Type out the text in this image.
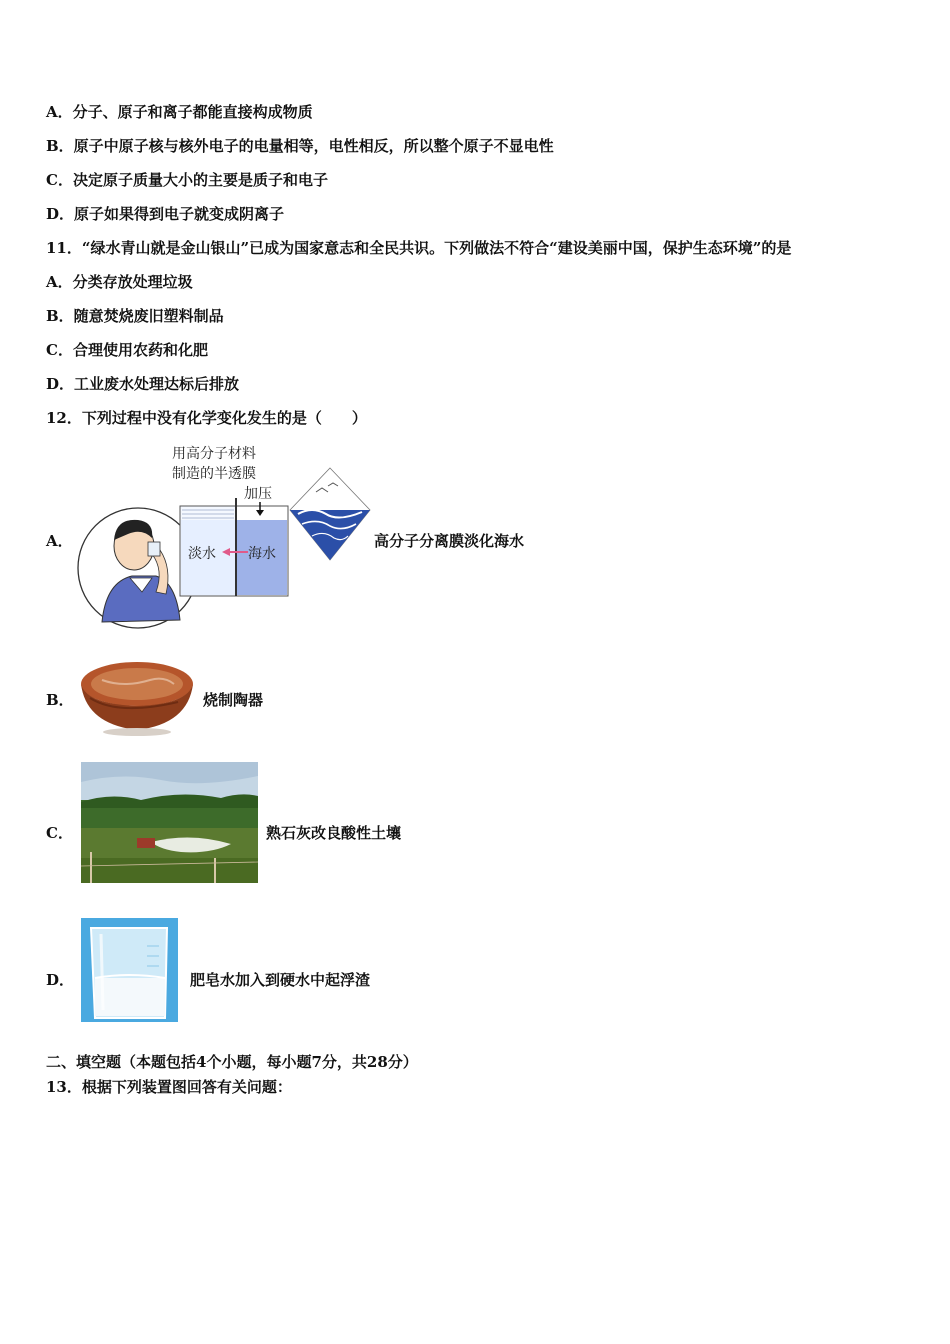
A．分子、原子和离子都能直接构成物质
B．原子中原子核与核外电子的电量相等，电性相反，所以整个原子不显电性
C．决定原子质量大小的主要是质子和电子
D．原子如果得到电子就变成阴离子
11．“绿水青山就是金山银山”已成为国家意志和全民共识。下列做法不符合“建设美丽中国，保护生态环境”的是
A．分类存放处理垃圾
B．随意焚烧废旧塑料制品
C．合理使用农药和化肥
D．工业废水处理达标后排放
12．下列过程中没有化学变化发生的是（　　）
A．
用高分子材料
制造的半透膜
加压
淡水 海水
高分子分离膜淡化海水
B．	烧制陶器
C．	熟石灰改良酸性土壤
D．	肥皂水加入到硬水中起浮渣
二、填空题（本题包括4个小题，每小题7分，共28分）
13．根据下列装置图回答有关问题：
